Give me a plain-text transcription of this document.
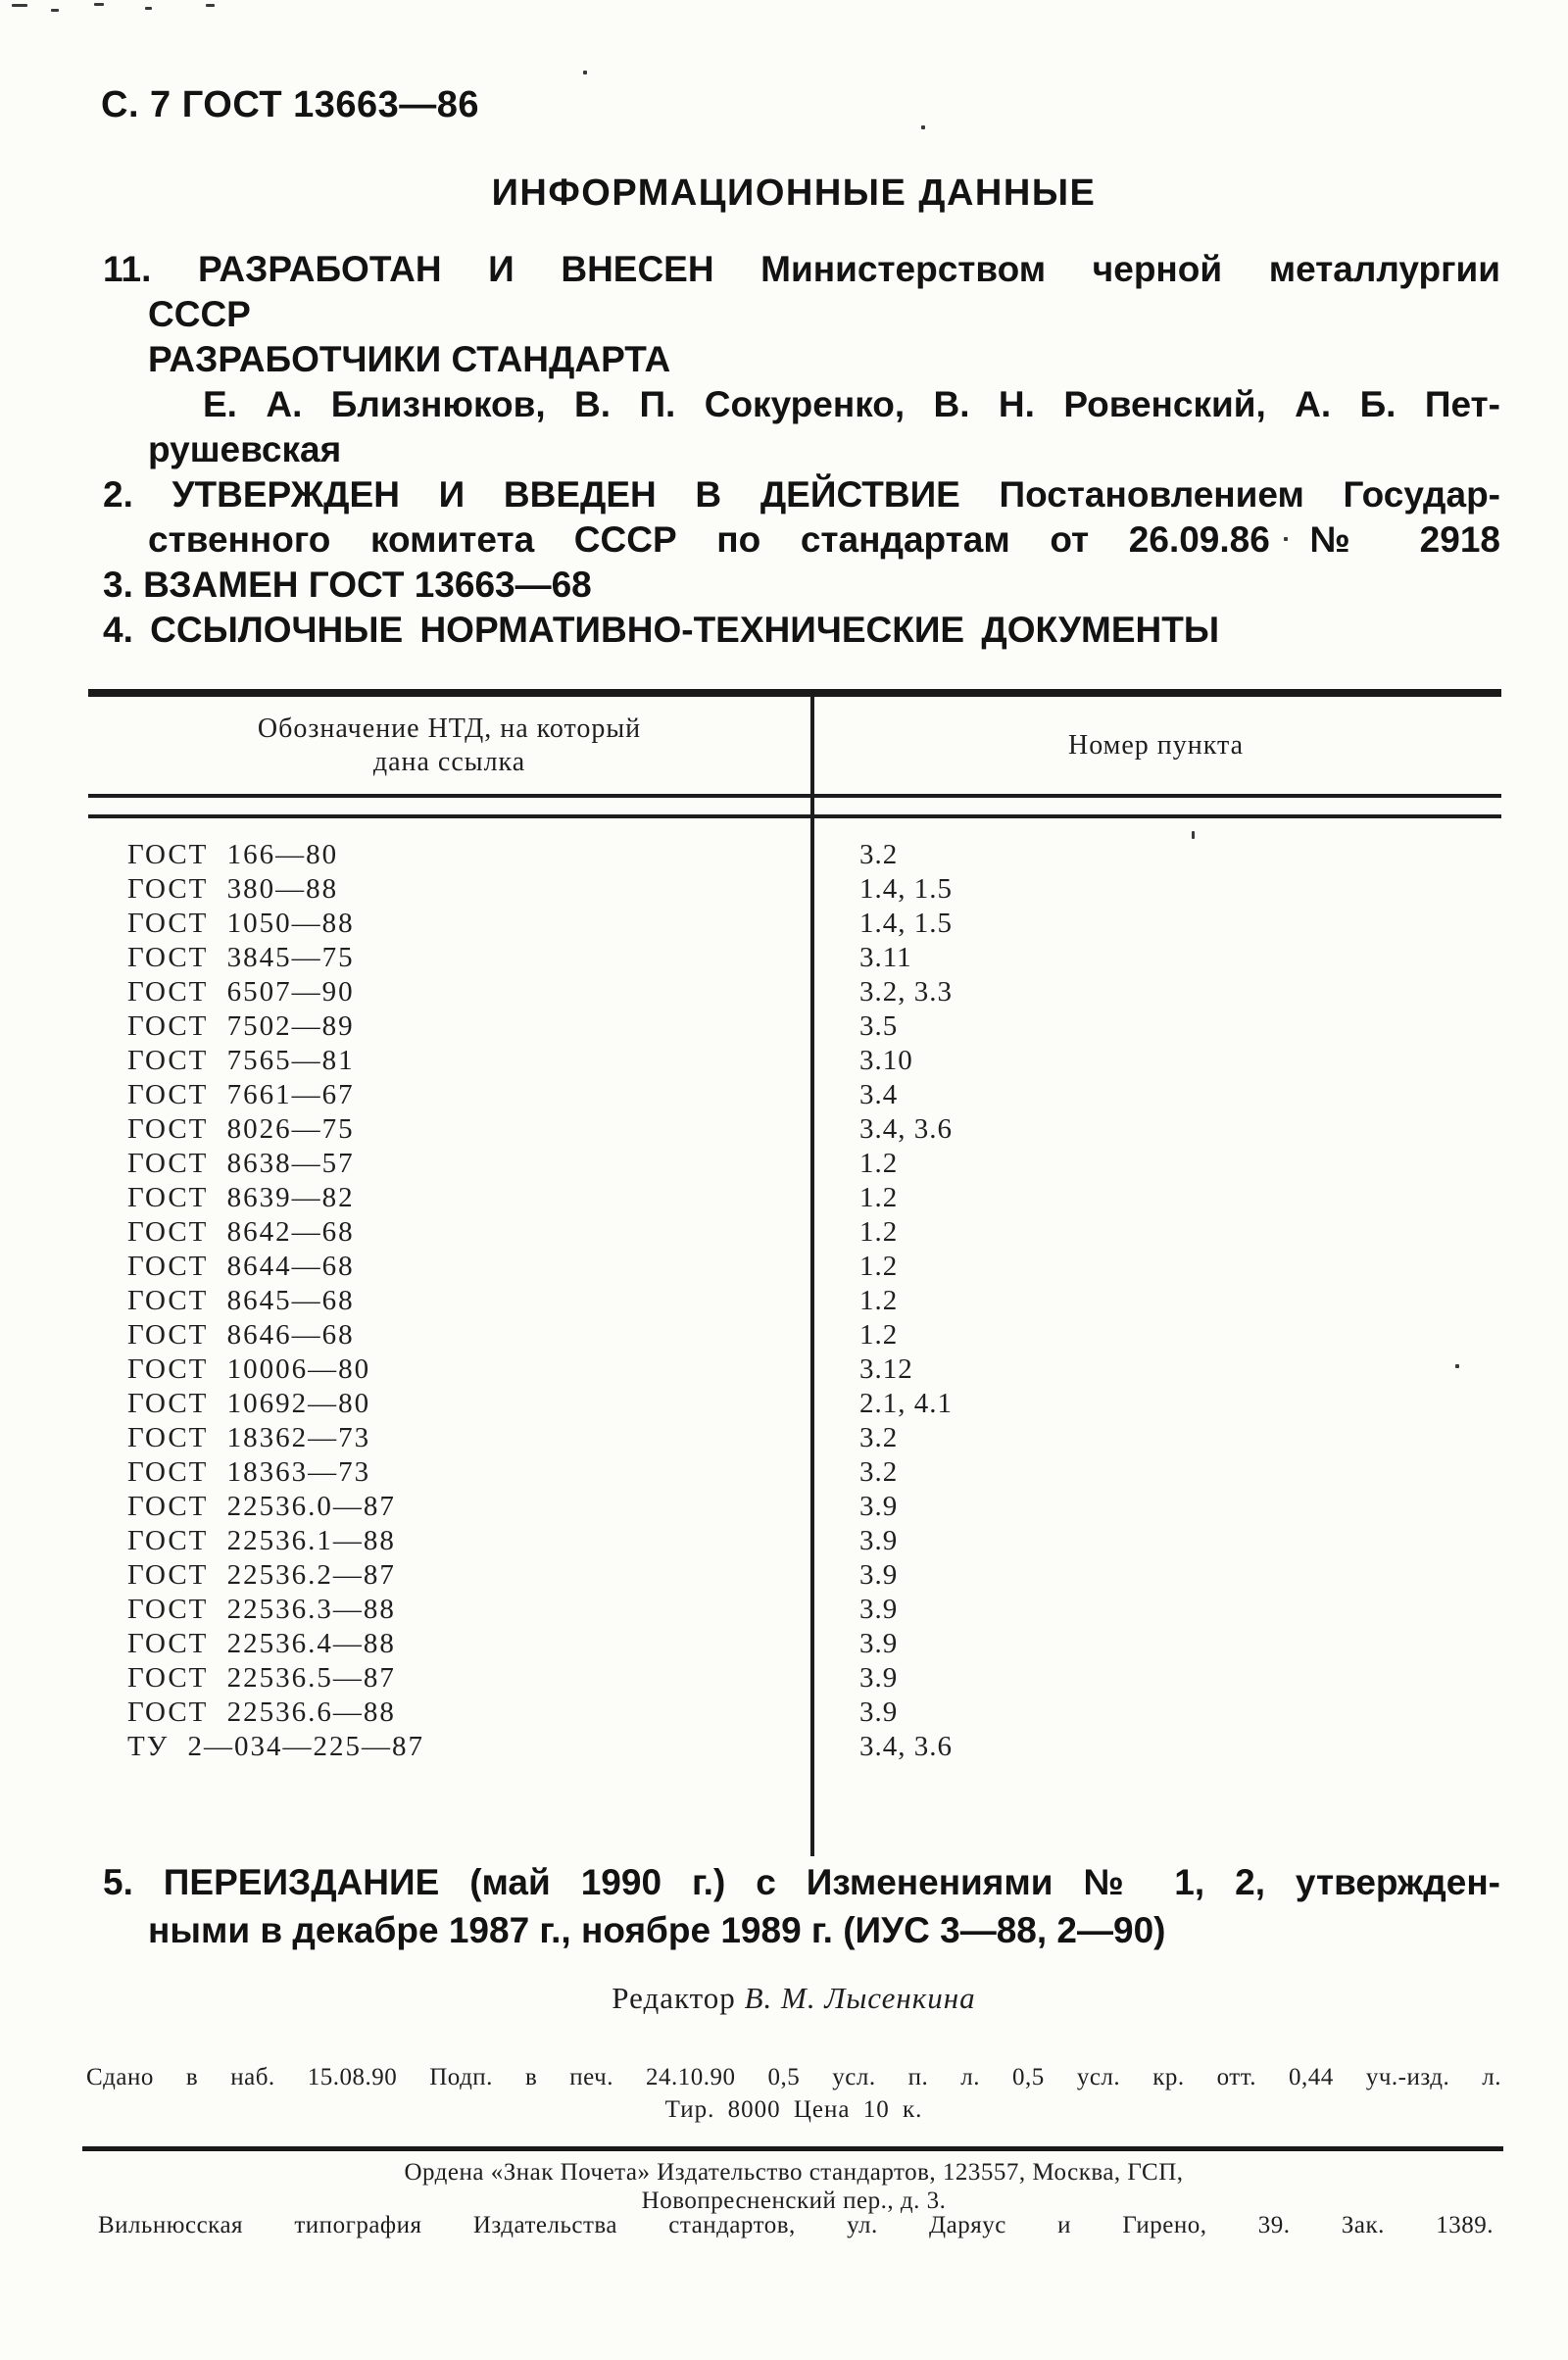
С. 7 ГОСТ 13663—86
ИНФОРМАЦИОННЫЕ ДАННЫЕ
11. РАЗРАБОТАН И ВНЕСЕН Министерством черной металлургии
СССР
РАЗРАБОТЧИКИ СТАНДАРТА
Е. А. Близнюков, В. П. Сокуренко, В. Н. Ровенский, А. Б. Пет-
рушевская
2. УТВЕРЖДЕН И ВВЕДЕН В ДЕЙСТВИЕ Постановлением Государ-
ственного комитета СССР по стандартам от 26.09.86 № 2918
3. ВЗАМЕН ГОСТ 13663—68
4. ССЫЛОЧНЫЕ НОРМАТИВНО-ТЕХНИЧЕСКИЕ ДОКУМЕНТЫ
Обозначение НТД, на который
дана ссылка
Номер пункта
ГОСТ 166—80	3.2
ГОСТ 380—88	1.4, 1.5
ГОСТ 1050—88	1.4, 1.5
ГОСТ 3845—75	3.11
ГОСТ 6507—90	3.2, 3.3
ГОСТ 7502—89	3.5
ГОСТ 7565—81	3.10
ГОСТ 7661—67	3.4
ГОСТ 8026—75	3.4, 3.6
ГОСТ 8638—57	1.2
ГОСТ 8639—82	1.2
ГОСТ 8642—68	1.2
ГОСТ 8644—68	1.2
ГОСТ 8645—68	1.2
ГОСТ 8646—68	1.2
ГОСТ 10006—80	3.12
ГОСТ 10692—80	2.1, 4.1
ГОСТ 18362—73	3.2
ГОСТ 18363—73	3.2
ГОСТ 22536.0—87	3.9
ГОСТ 22536.1—88	3.9
ГОСТ 22536.2—87	3.9
ГОСТ 22536.3—88	3.9
ГОСТ 22536.4—88	3.9
ГОСТ 22536.5—87	3.9
ГОСТ 22536.6—88	3.9
ТУ 2—034—225—87	3.4, 3.6
5. ПЕРЕИЗДАНИЕ (май 1990 г.) с Изменениями № 1, 2, утвержден-
ными в декабре 1987 г., ноябре 1989 г. (ИУС 3—88, 2—90)
Редактор В. М. Лысенкина
Сдано в наб. 15.08.90 Подп. в печ. 24.10.90 0,5 усл. п. л. 0,5 усл. кр. отт. 0,44 уч.-изд. л.
Тир. 8000 Цена 10 к.
Ордена «Знак Почета» Издательство стандартов, 123557, Москва, ГСП,
Новопресненский пер., д. 3.
Вильнюсская типография Издательства стандартов, ул. Даряус и Гирено, 39. Зак. 1389.
